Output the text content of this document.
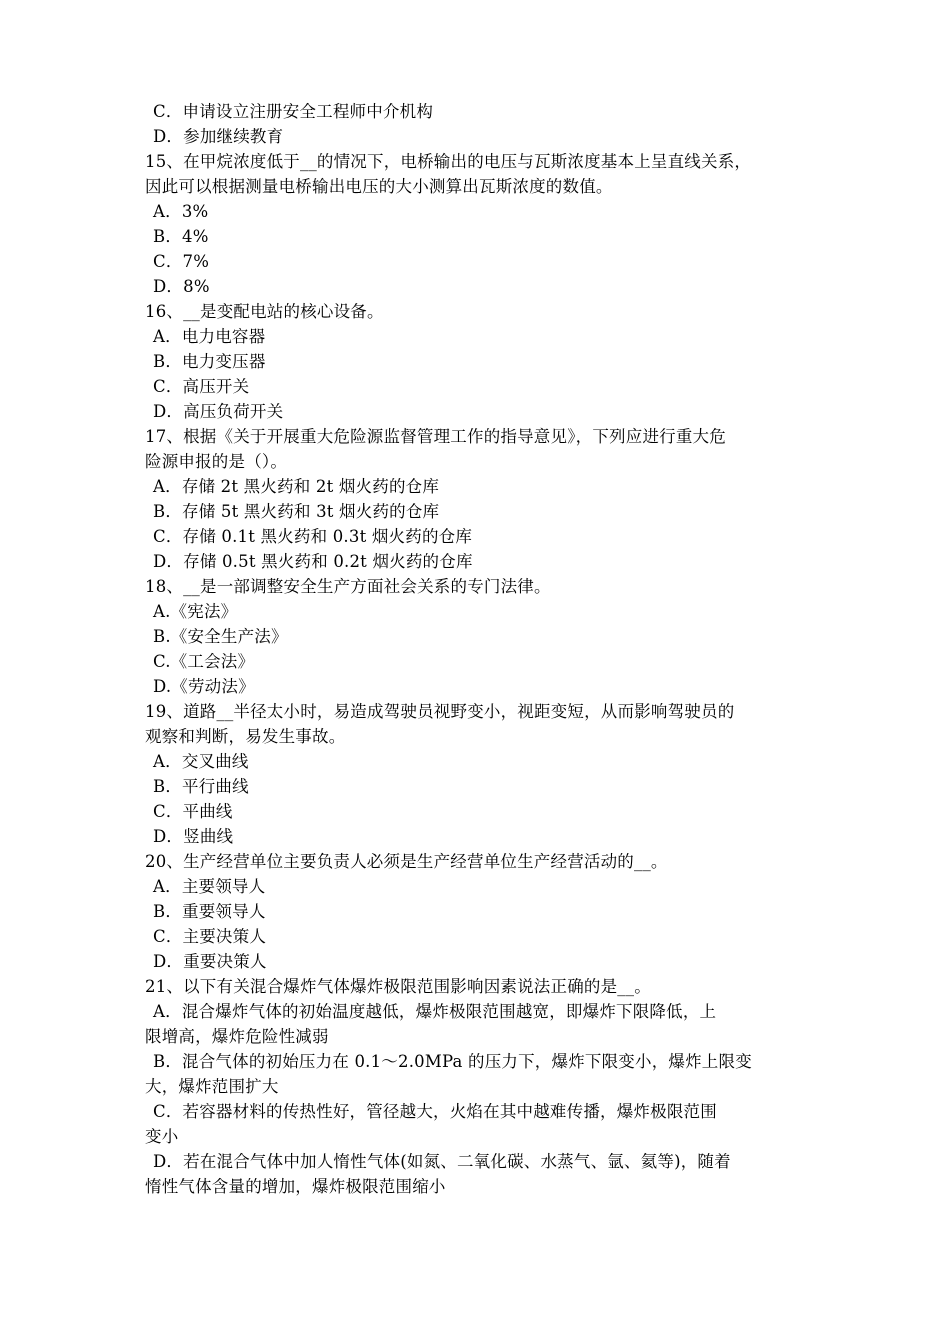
C．申请设立注册安全工程师中介机构
D．参加继续教育
15、在甲烷浓度低于__的情况下，电桥输出的电压与瓦斯浓度基本上呈直线关系，
因此可以根据测量电桥输出电压的大小测算出瓦斯浓度的数值。
A．3%
B．4%
C．7%
D．8%
16、__是变配电站的核心设备。
A．电力电容器
B．电力变压器
C．高压开关
D．高压负荷开关
17、根据《关于开展重大危险源监督管理工作的指导意见》，下列应进行重大危
险源申报的是（）。
A．存储 2t 黑火药和 2t 烟火药的仓库
B．存储 5t 黑火药和 3t 烟火药的仓库
C．存储 0.1t 黑火药和 0.3t 烟火药的仓库
D．存储 0.5t 黑火药和 0.2t 烟火药的仓库
18、__是一部调整安全生产方面社会关系的专门法律。
A.《宪法》
B.《安全生产法》
C.《工会法》
D.《劳动法》
19、道路__半径太小时，易造成驾驶员视野变小，视距变短，从而影响驾驶员的
观察和判断，易发生事故。
A．交叉曲线
B．平行曲线
C．平曲线
D．竖曲线
20、生产经营单位主要负责人必须是生产经营单位生产经营活动的__。
A．主要领导人
B．重要领导人
C．主要决策人
D．重要决策人
21、以下有关混合爆炸气体爆炸极限范围影响因素说法正确的是__。
A．混合爆炸气体的初始温度越低，爆炸极限范围越宽，即爆炸下限降低，上
限增高，爆炸危险性减弱
B．混合气体的初始压力在 0.1～2.0MPa 的压力下，爆炸下限变小，爆炸上限变
大，爆炸范围扩大
C．若容器材料的传热性好，管径越大，火焰在其中越难传播，爆炸极限范围
变小
D．若在混合气体中加人惰性气体(如氮、二氧化碳、水蒸气、氩、氦等)，随着
惰性气体含量的增加，爆炸极限范围缩小
